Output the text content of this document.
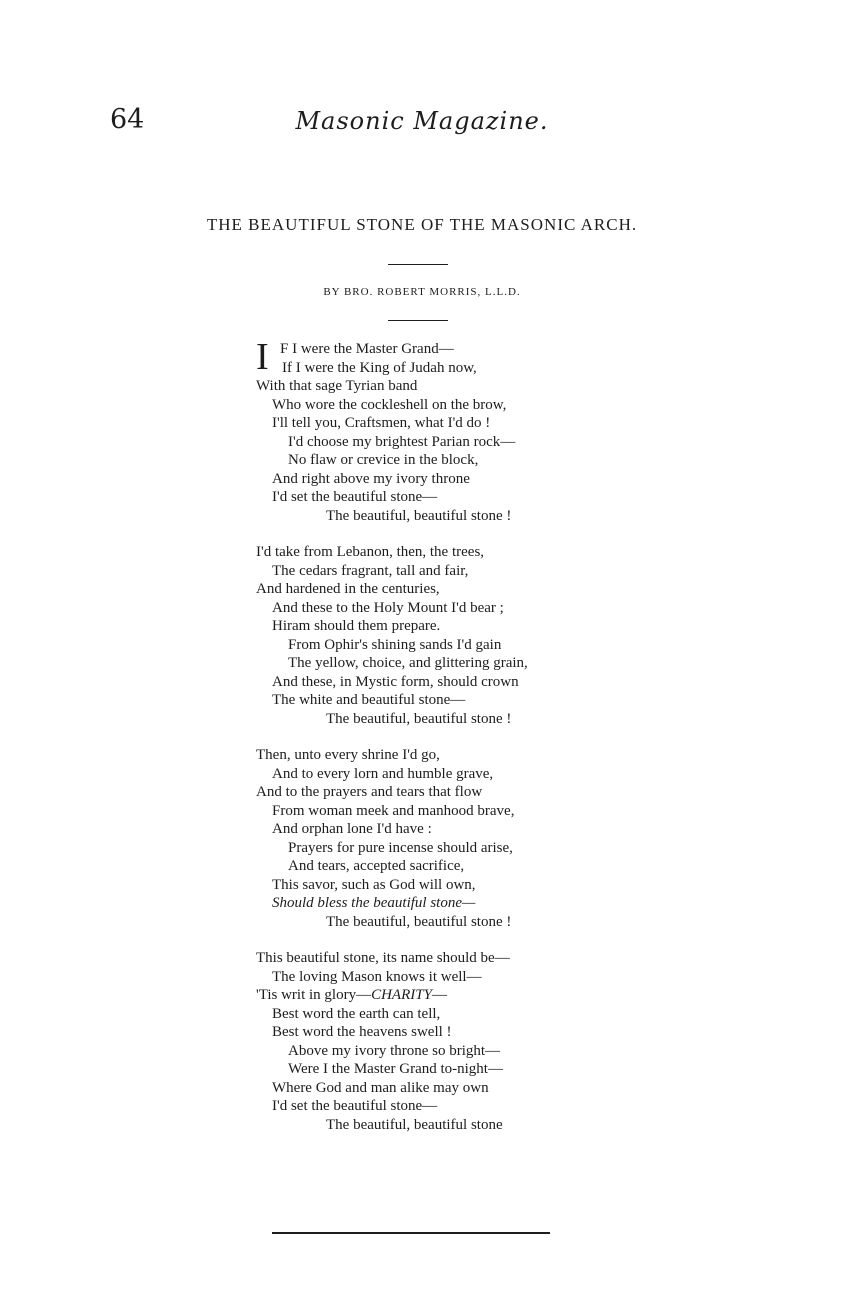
64	Masonic Magazine.
THE BEAUTIFUL STONE OF THE MASONIC ARCH.
BY BRO. ROBERT MORRIS, L.L.D.
I F I were the Master Grand—
If I were the King of Judah now,
With that sage Tyrian band
Who wore the cockleshell on the brow,
I'll tell you, Craftsmen, what I'd do !
I'd choose my brightest Parian rock—
No flaw or crevice in the block,
And right above my ivory throne
I'd set the beautiful stone—
The beautiful, beautiful stone !
I'd take from Lebanon, then, the trees,
The cedars fragrant, tall and fair,
And hardened in the centuries,
And these to the Holy Mount I'd bear ;
Hiram should them prepare.
From Ophir's shining sands I'd gain
The yellow, choice, and glittering grain,
And these, in Mystic form, should crown
The white and beautiful stone—
The beautiful, beautiful stone !
Then, unto every shrine I'd go,
And to every lorn and humble grave,
And to the prayers and tears that flow
From woman meek and manhood brave,
And orphan lone I'd have :
Prayers for pure incense should arise,
And tears, accepted sacrifice,
This savor, such as God will own,
Should bless the beautiful stone—
The beautiful, beautiful stone !
This beautiful stone, its name should be—
The loving Mason knows it well—
'Tis writ in glory—CHARITY—
Best word the earth can tell,
Best word the heavens swell !
Above my ivory throne so bright—
Were I the Master Grand to-night—
Where God and man alike may own
I'd set the beautiful stone—
The beautiful, beautiful stone
